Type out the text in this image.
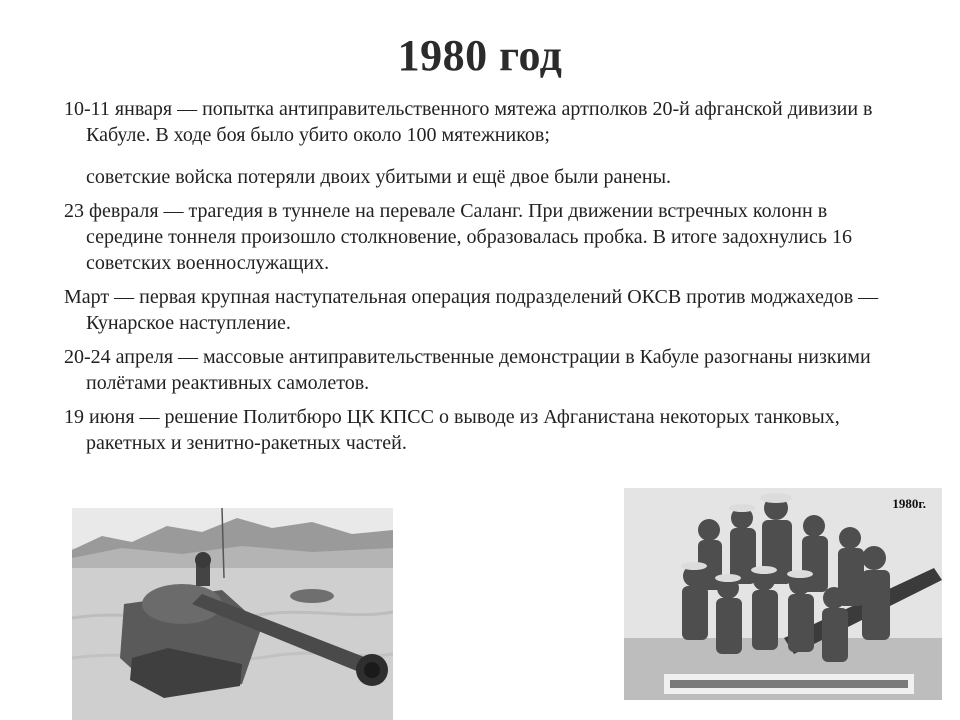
1980 год
10-11 января — попытка антиправительственного мятежа артполков 20-й афганской дивизии в Кабуле. В ходе боя было убито около 100 мятежников;
советские войска потеряли двоих убитыми и ещё двое были ранены.
23 февраля — трагедия в туннеле на перевале Саланг. При движении встречных колонн в середине тоннеля произошло столкновение, образовалась пробка. В итоге задохнулись 16 советских военнослужащих.
Март — первая крупная наступательная операция подразделений ОКСВ против моджахедов — Кунарское наступление.
20-24 апреля — массовые антиправительственные демонстрации в Кабуле разогнаны низкими полётами реактивных самолетов.
19 июня — решение Политбюро ЦК КПСС о выводе из Афганистана некоторых танковых, ракетных и зенитно-ракетных частей.
1980г.
